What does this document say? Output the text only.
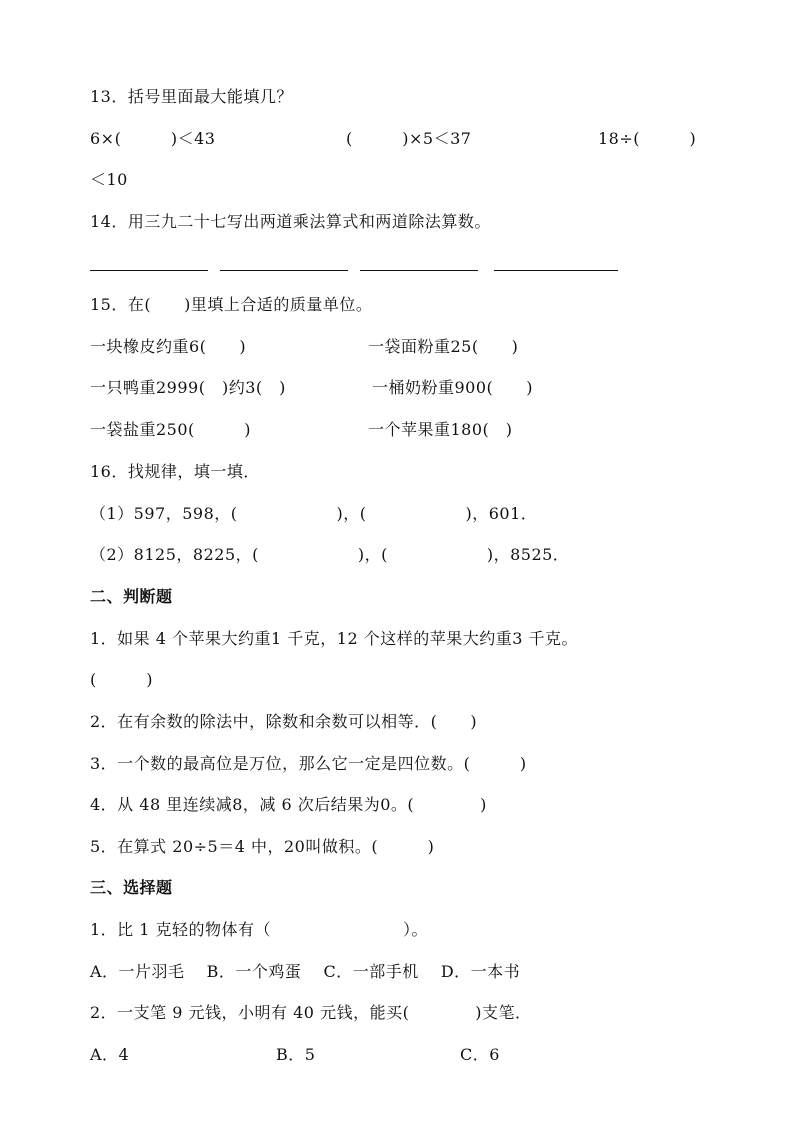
13．括号里面最大能填几？
6×(　　　)＜43	(　　　)×5＜37	18÷(　　　)
＜10
14．用三九二十七写出两道乘法算式和两道除法算数。
15．在(　　)里填上合适的质量单位。
一块橡皮约重6(　　)	一袋面粉重25(　　)
一只鸭重2999(　)约3(　)	一桶奶粉重900(　　)
一袋盐重250(　　　)	一个苹果重180(　)
16．找规律，填一填．
（1）597，598，(　　　　　　)，(　　　　　　)，601．
（2）8125，8225，(　　　　　　)，(　　　　　　)，8525．
二、判断题
1．如果 4 个苹果大约重1 千克，12 个这样的苹果大约重3 千克。
(　　　)
2．在有余数的除法中，除数和余数可以相等．(　　)
3．一个数的最高位是万位，那么它一定是四位数。(　　　)
4．从 48 里连续减8，减 6 次后结果为0。(　　　　)
5．在算式 20÷5＝4 中，20叫做积。(　　　)
三、选择题
1．比 1 克轻的物体有（　　　　　　　　）。
A．一片羽毛　 B．一个鸡蛋　 C．一部手机　 D．一本书
2．一支笔 9 元钱，小明有 40 元钱，能买(　　　　)支笔．
A．4	B．5	C．6
